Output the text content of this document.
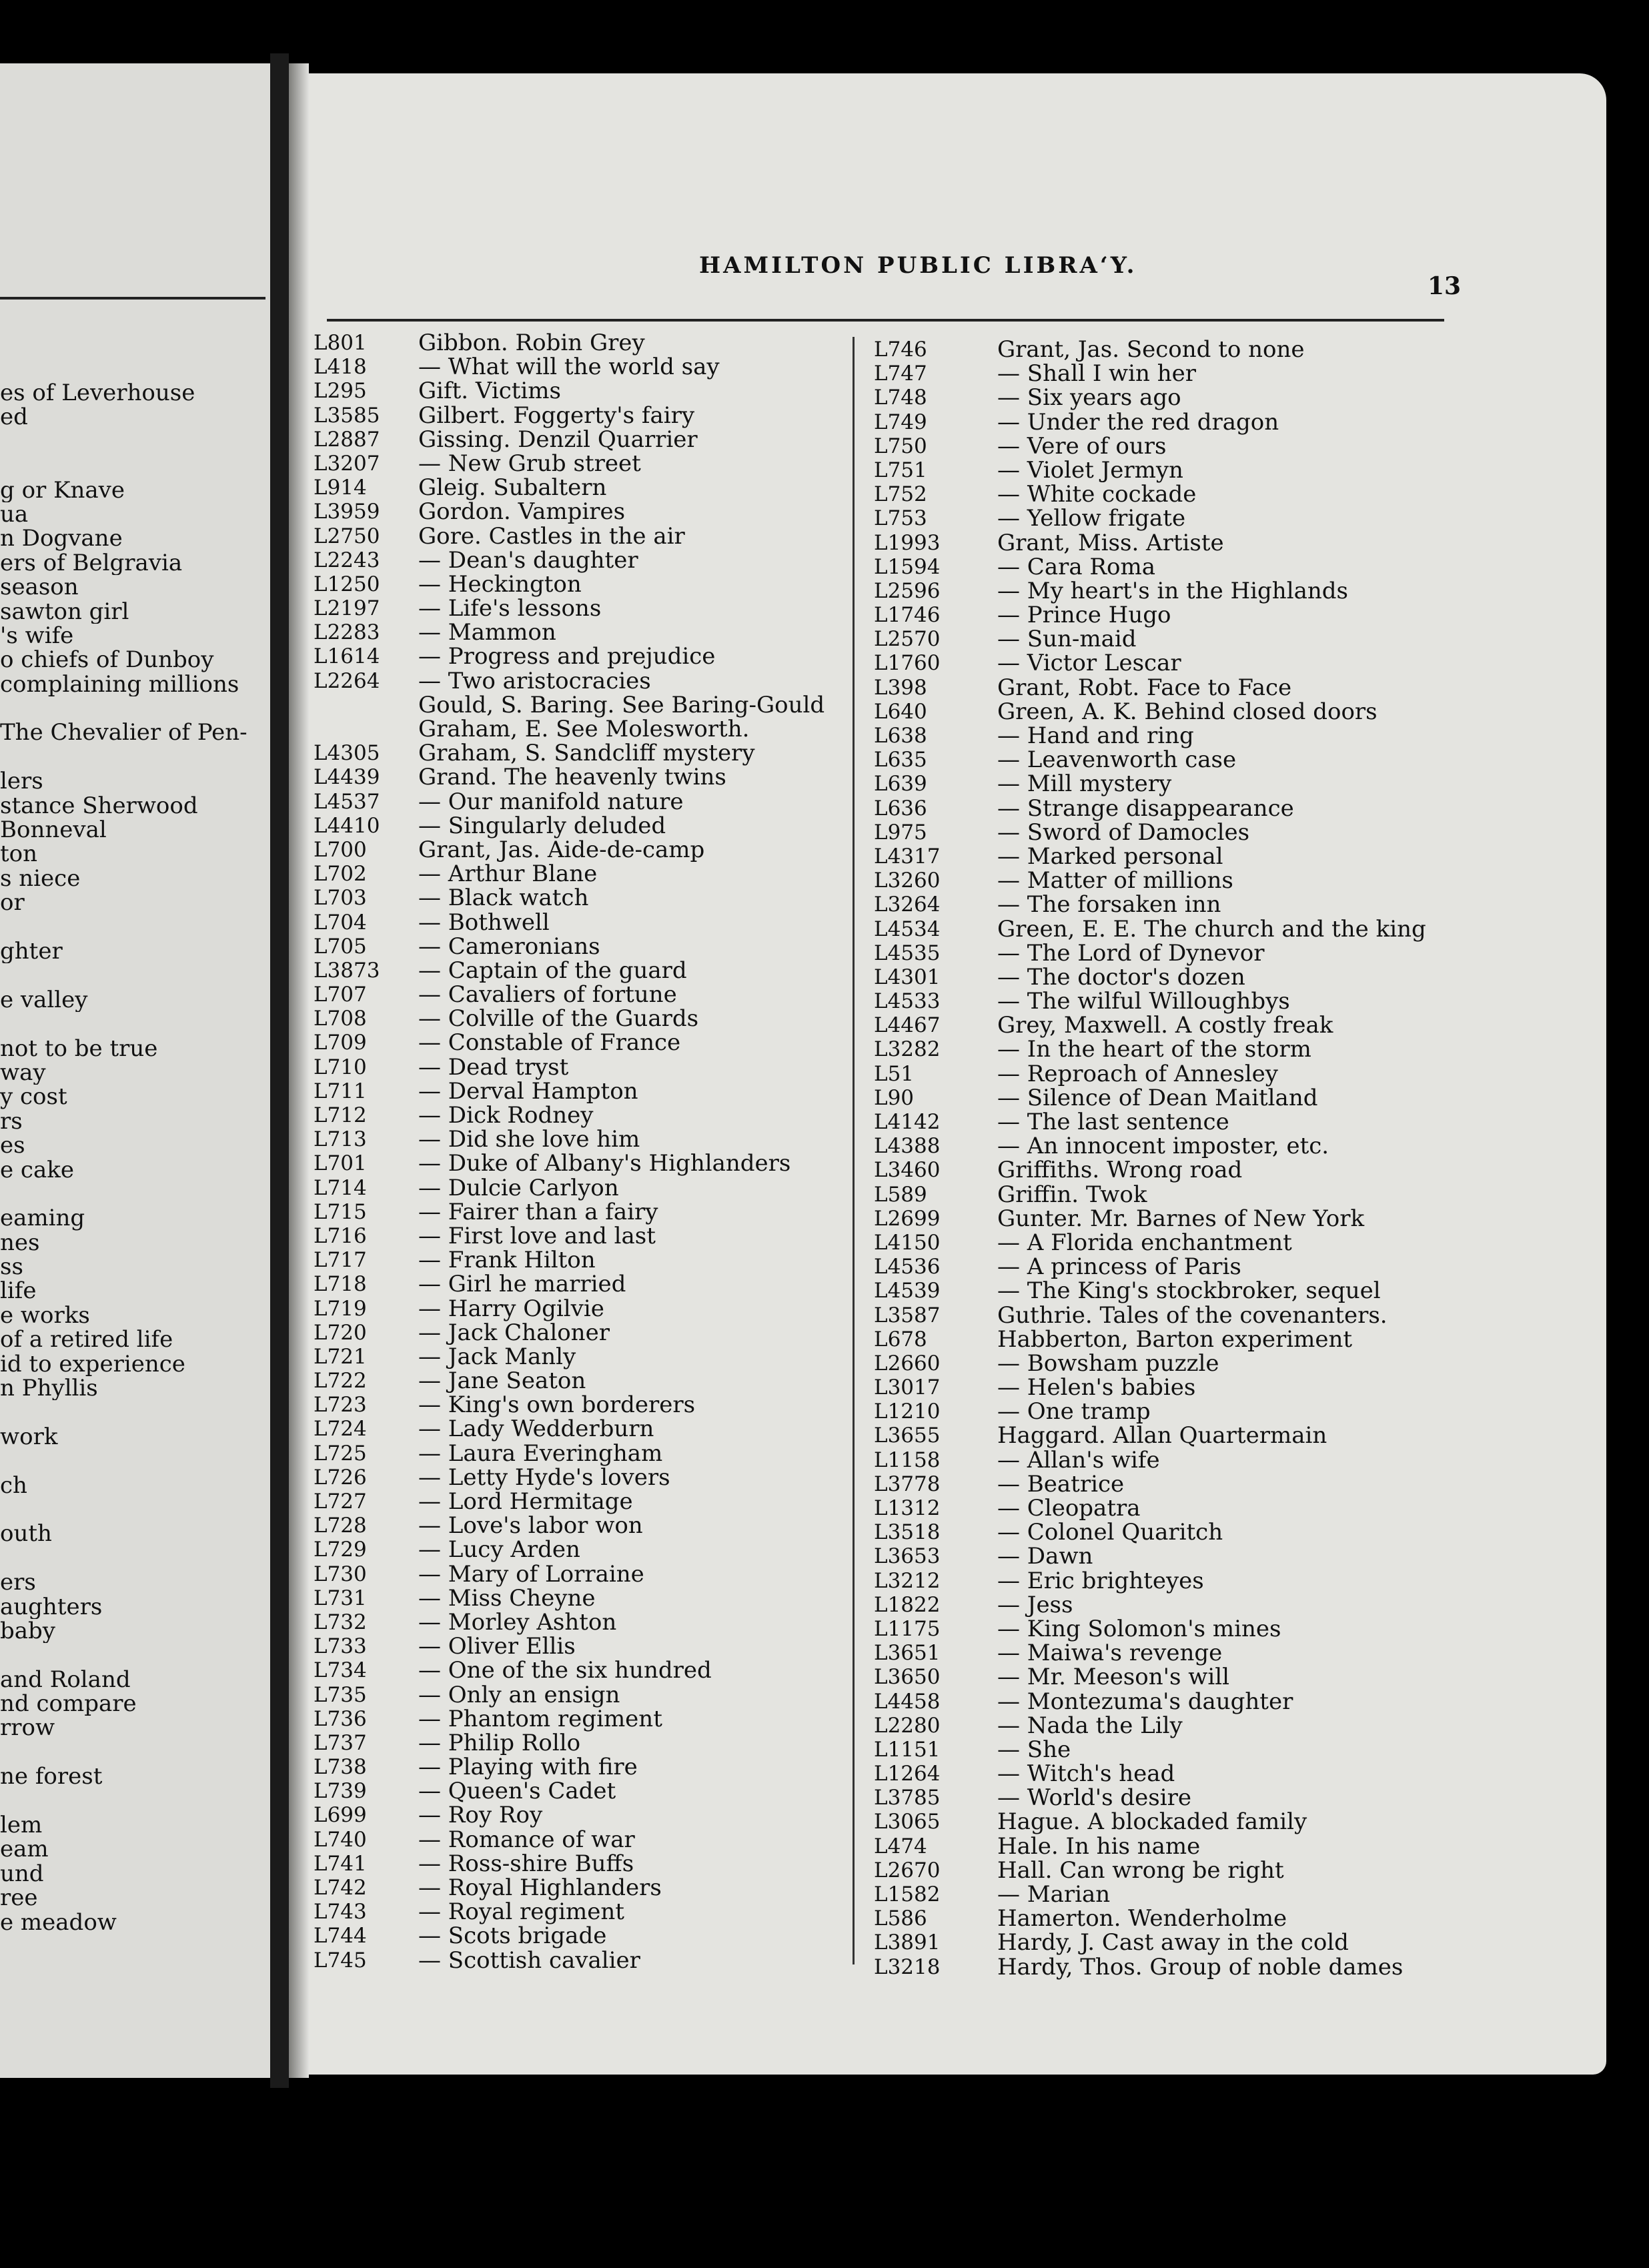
es of Leverhouse
ed
g or Knave
ua
n Dogvane
ers of Belgravia
season
sawton girl
's wife
o chiefs of Dunboy
complaining millions
The Chevalier of Pen-
lers
stance Sherwood
Bonneval
ton
s niece
or
ghter
e valley
not to be true
way
y cost
rs
es
e cake
eaming
nes
ss
life
e works
of a retired life
id to experience
n Phyllis
work
ch
outh
ers
aughters
baby
and Roland
nd compare
rrow
ne forest
lem
eam
und
ree
e meadow
HAMILTON PUBLIC LIBRAʻY.
13
L801	Gibbon. Robin Grey
L418	— What will the world say
L295	Gift. Victims
L3585	Gilbert. Foggerty's fairy
L2887	Gissing. Denzil Quarrier
L3207	— New Grub street
L914	Gleig. Subaltern
L3959	Gordon. Vampires
L2750	Gore. Castles in the air
L2243	— Dean's daughter
L1250	— Heckington
L2197	— Life's lessons
L2283	— Mammon
L1614	— Progress and prejudice
L2264	— Two aristocracies
Gould, S. Baring. See Baring-Gould
Graham, E. See Molesworth.
L4305	Graham, S. Sandcliff mystery
L4439	Grand. The heavenly twins
L4537	— Our manifold nature
L4410	— Singularly deluded
L700	Grant, Jas. Aide-de-camp
L702	— Arthur Blane
L703	— Black watch
L704	— Bothwell
L705	— Cameronians
L3873	— Captain of the guard
L707	— Cavaliers of fortune
L708	— Colville of the Guards
L709	— Constable of France
L710	— Dead tryst
L711	— Derval Hampton
L712	— Dick Rodney
L713	— Did she love him
L701	— Duke of Albany's Highlanders
L714	— Dulcie Carlyon
L715	— Fairer than a fairy
L716	— First love and last
L717	— Frank Hilton
L718	— Girl he married
L719	— Harry Ogilvie
L720	— Jack Chaloner
L721	— Jack Manly
L722	— Jane Seaton
L723	— King's own borderers
L724	— Lady Wedderburn
L725	— Laura Everingham
L726	— Letty Hyde's lovers
L727	— Lord Hermitage
L728	— Love's labor won
L729	— Lucy Arden
L730	— Mary of Lorraine
L731	— Miss Cheyne
L732	— Morley Ashton
L733	— Oliver Ellis
L734	— One of the six hundred
L735	— Only an ensign
L736	— Phantom regiment
L737	— Philip Rollo
L738	— Playing with fire
L739	— Queen's Cadet
L699	— Roy Roy
L740	— Romance of war
L741	— Ross-shire Buffs
L742	— Royal Highlanders
L743	— Royal regiment
L744	— Scots brigade
L745	— Scottish cavalier
L746	Grant, Jas. Second to none
L747	— Shall I win her
L748	— Six years ago
L749	— Under the red dragon
L750	— Vere of ours
L751	— Violet Jermyn
L752	— White cockade
L753	— Yellow frigate
L1993	Grant, Miss. Artiste
L1594	— Cara Roma
L2596	— My heart's in the Highlands
L1746	— Prince Hugo
L2570	— Sun-maid
L1760	— Victor Lescar
L398	Grant, Robt. Face to Face
L640	Green, A. K. Behind closed doors
L638	— Hand and ring
L635	— Leavenworth case
L639	— Mill mystery
L636	— Strange disappearance
L975	— Sword of Damocles
L4317	— Marked personal
L3260	— Matter of millions
L3264	— The forsaken inn
L4534	Green, E. E. The church and the king
L4535	— The Lord of Dynevor
L4301	— The doctor's dozen
L4533	— The wilful Willoughbys
L4467	Grey, Maxwell. A costly freak
L3282	— In the heart of the storm
L51	— Reproach of Annesley
L90	— Silence of Dean Maitland
L4142	— The last sentence
L4388	— An innocent imposter, etc.
L3460	Griffiths. Wrong road
L589	Griffin. Twok
L2699	Gunter. Mr. Barnes of New York
L4150	— A Florida enchantment
L4536	— A princess of Paris
L4539	— The King's stockbroker, sequel
L3587	Guthrie. Tales of the covenanters.
L678	Habberton, Barton experiment
L2660	— Bowsham puzzle
L3017	— Helen's babies
L1210	— One tramp
L3655	Haggard. Allan Quartermain
L1158	— Allan's wife
L3778	— Beatrice
L1312	— Cleopatra
L3518	— Colonel Quaritch
L3653	— Dawn
L3212	— Eric brighteyes
L1822	— Jess
L1175	— King Solomon's mines
L3651	— Maiwa's revenge
L3650	— Mr. Meeson's will
L4458	— Montezuma's daughter
L2280	— Nada the Lily
L1151	— She
L1264	— Witch's head
L3785	— World's desire
L3065	Hague. A blockaded family
L474	Hale. In his name
L2670	Hall. Can wrong be right
L1582	— Marian
L586	Hamerton. Wenderholme
L3891	Hardy, J. Cast away in the cold
L3218	Hardy, Thos. Group of noble dames
